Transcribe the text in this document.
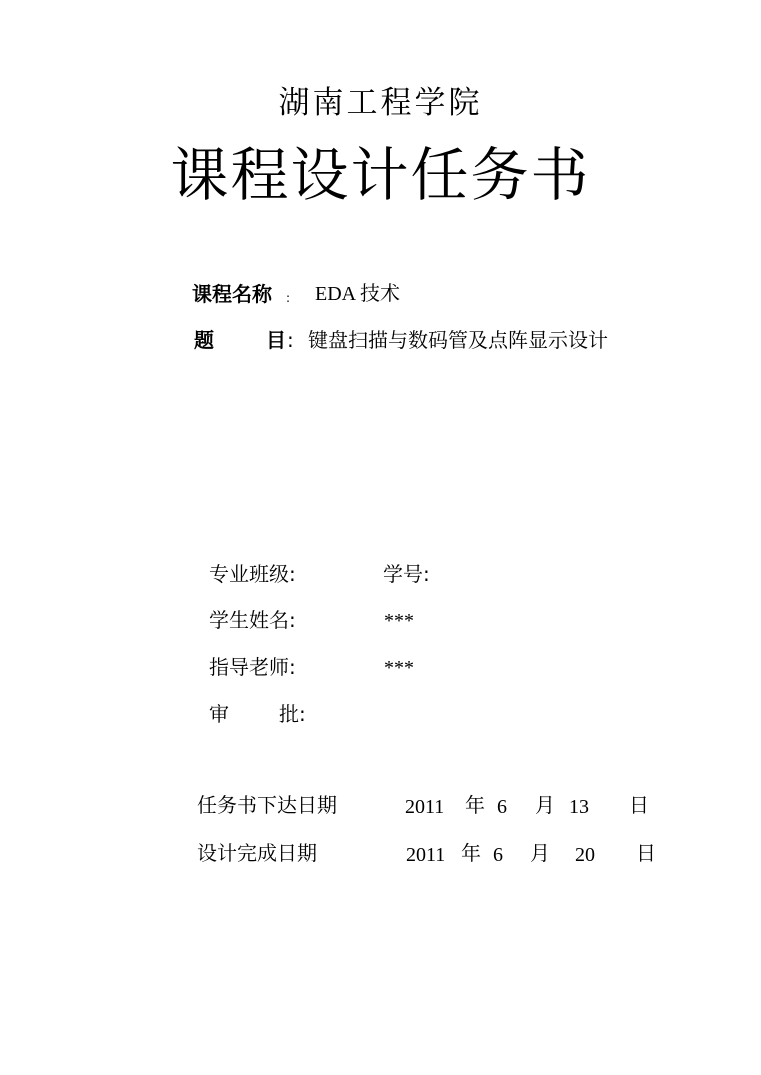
湖南工程学院
课程设计任务书
课程名称 : EDA 技术
题	目 : 键盘扫描与数码管及点阵显示设计
专业班级:	学号:
学生姓名:	***
指导老师:	***
审	批:
任务书下达日期	2011 年 6 月 13 日
设计完成日期	2011 年 6 月 20 日
